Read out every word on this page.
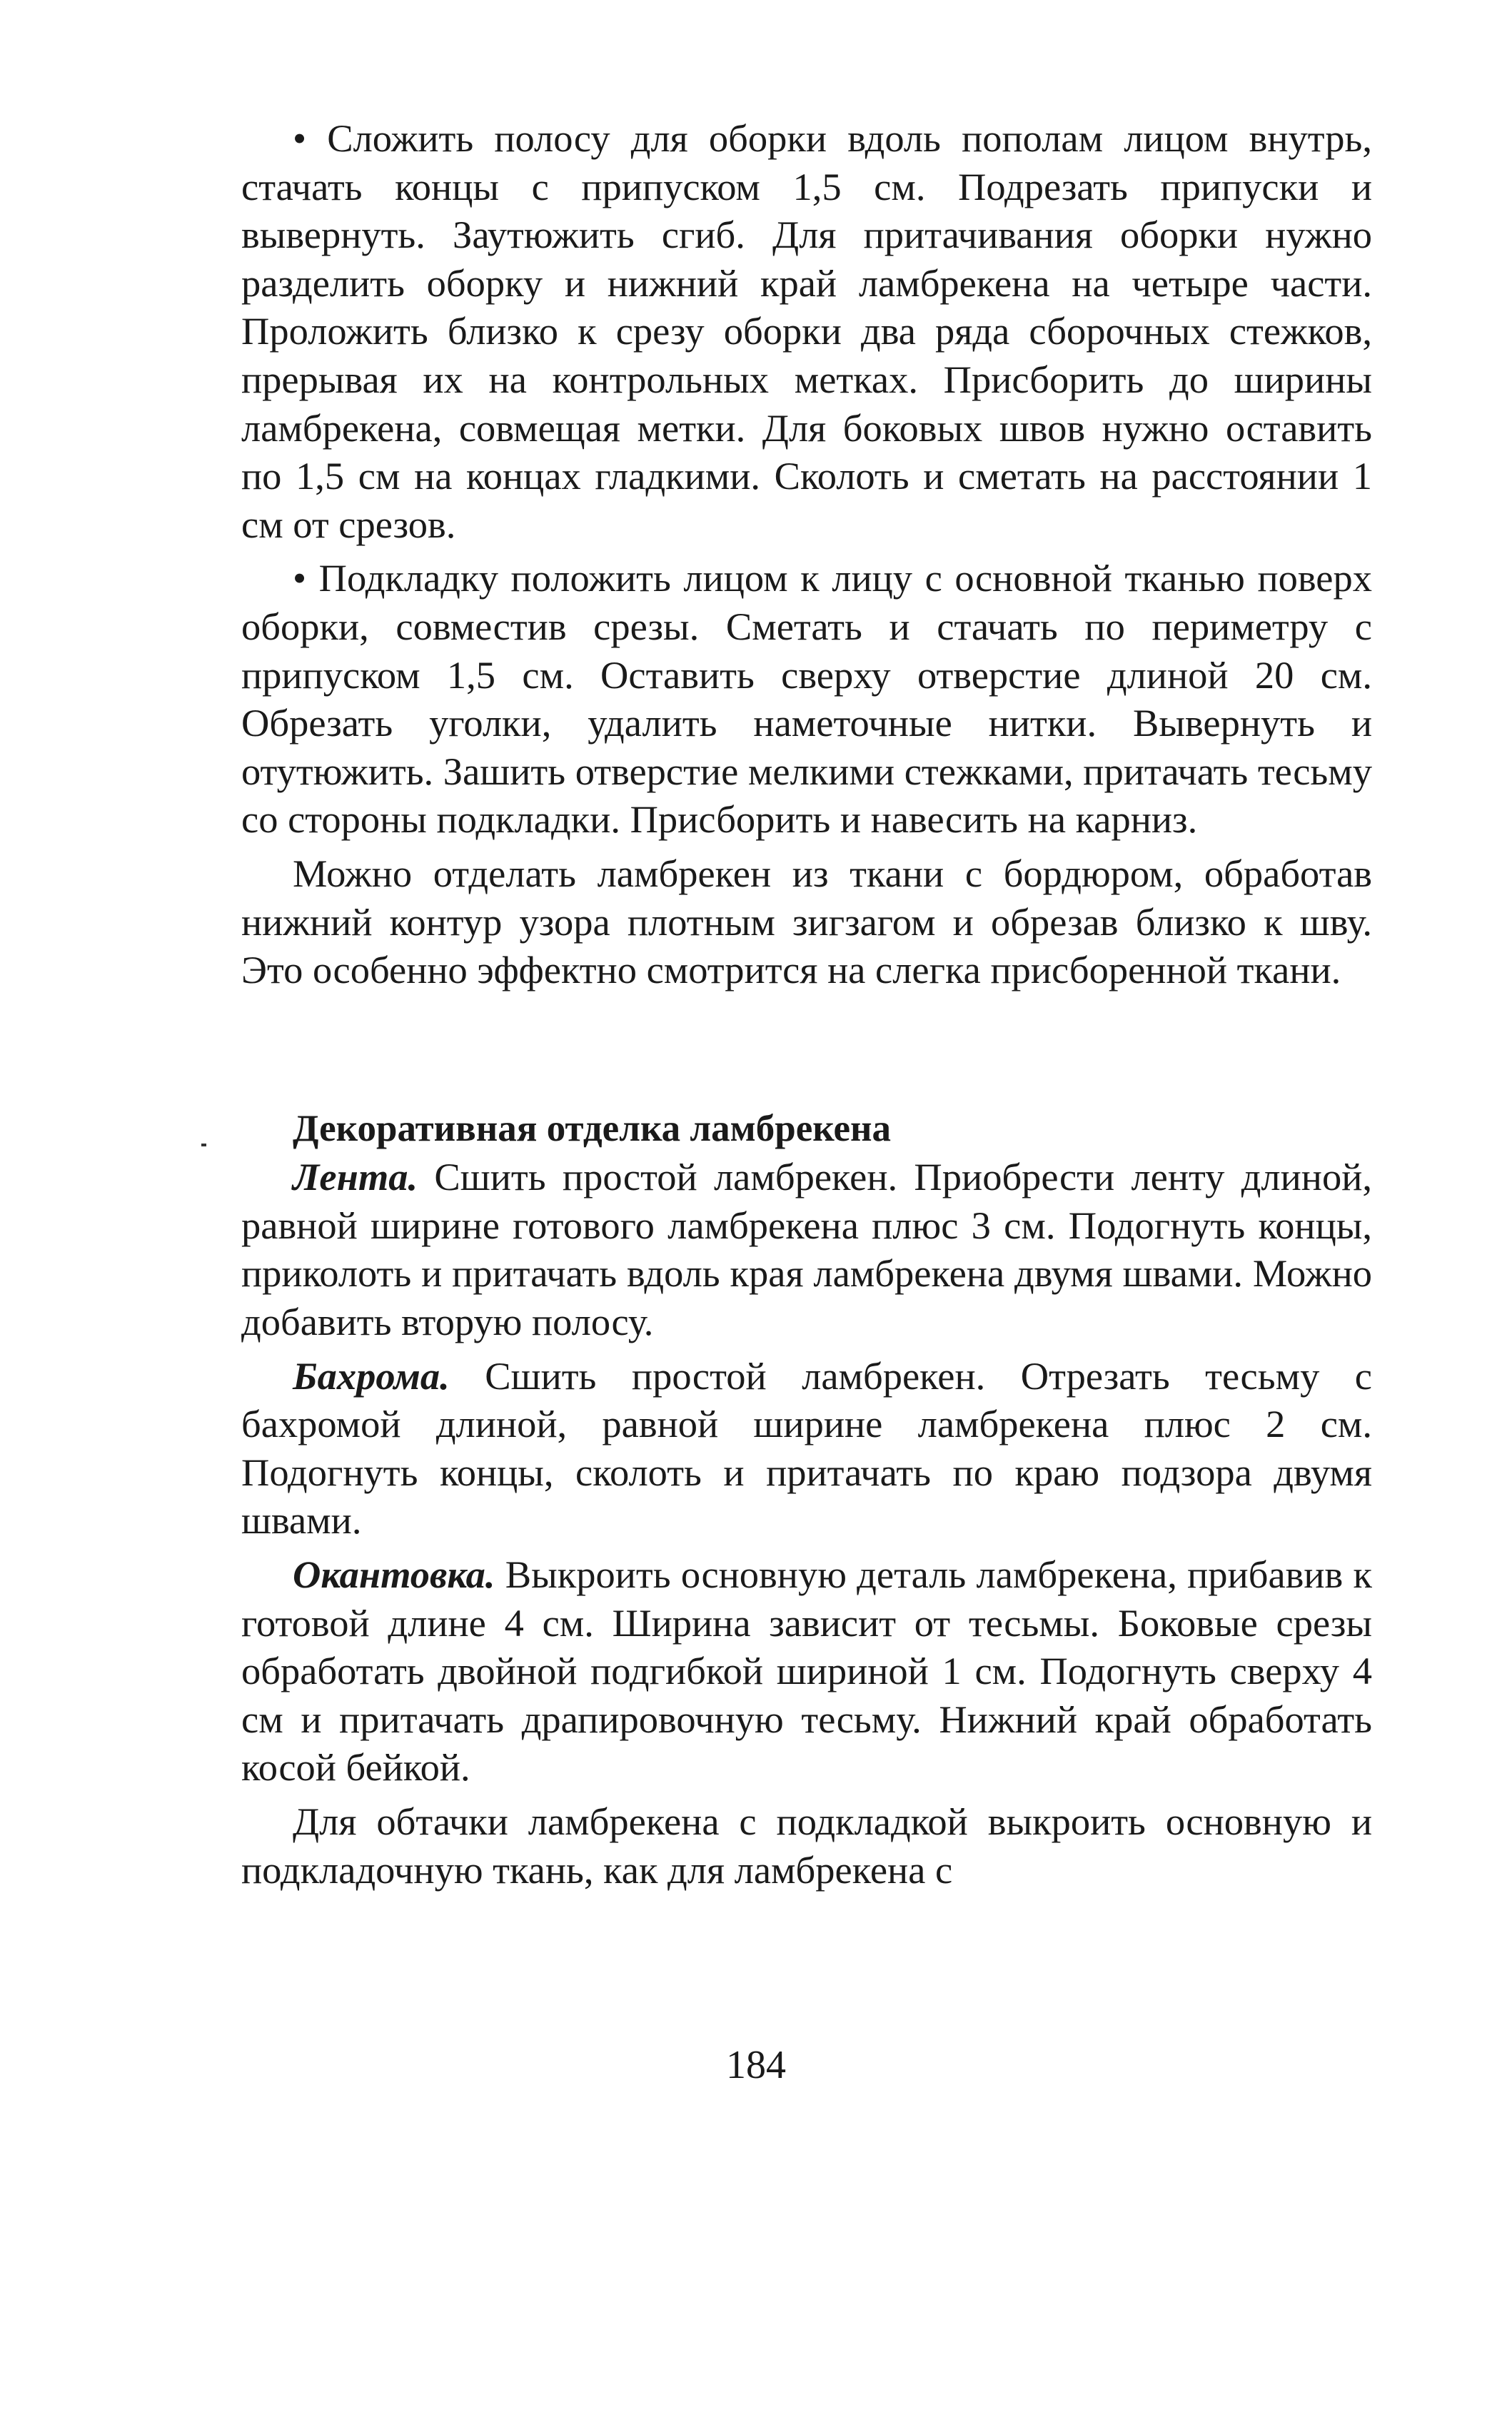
• Сложить полосу для оборки вдоль пополам лицом внутрь, стачать концы с припуском 1,5 см. Подрезать припуски и вывернуть. Заутюжить сгиб. Для притачивания оборки нужно разделить оборку и нижний край ламбрекена на четыре части. Проложить близко к срезу оборки два ряда сборочных стежков, прерывая их на контрольных метках. Присборить до ширины ламбрекена, совмещая метки. Для боковых швов нужно оставить по 1,5 см на концах гладкими. Сколоть и сметать на расстоянии 1 см от срезов.

• Подкладку положить лицом к лицу с основной тканью поверх оборки, совместив срезы. Сметать и стачать по периметру с припуском 1,5 см. Оставить сверху отверстие длиной 20 см. Обрезать уголки, удалить наметочные нитки. Вывернуть и отутюжить. Зашить отверстие мелкими стежками, притачать тесьму со стороны подкладки. Присборить и навесить на карниз.

Можно отделать ламбрекен из ткани с бордюром, обработав нижний контур узора плотным зигзагом и обрезав близко к шву. Это особенно эффектно смотрится на слегка присборенной ткани.

Декоративная отделка ламбрекена

Лента. Сшить простой ламбрекен. Приобрести ленту длиной, равной ширине готового ламбрекена плюс 3 см. Подогнуть концы, приколоть и притачать вдоль края ламбрекена двумя швами. Можно добавить вторую полосу.

Бахрома. Сшить простой ламбрекен. Отрезать тесьму с бахромой длиной, равной ширине ламбрекена плюс 2 см. Подогнуть концы, сколоть и притачать по краю подзора двумя швами.

Окантовка. Выкроить основную деталь ламбрекена, прибавив к готовой длине 4 см. Ширина зависит от тесьмы. Боковые срезы обработать двойной подгибкой шириной 1 см. Подогнуть сверху 4 см и притачать драпировочную тесьму. Нижний край обработать косой бейкой.

Для обтачки ламбрекена с подкладкой выкроить основную и подкладочную ткань, как для ламбрекена с

184
